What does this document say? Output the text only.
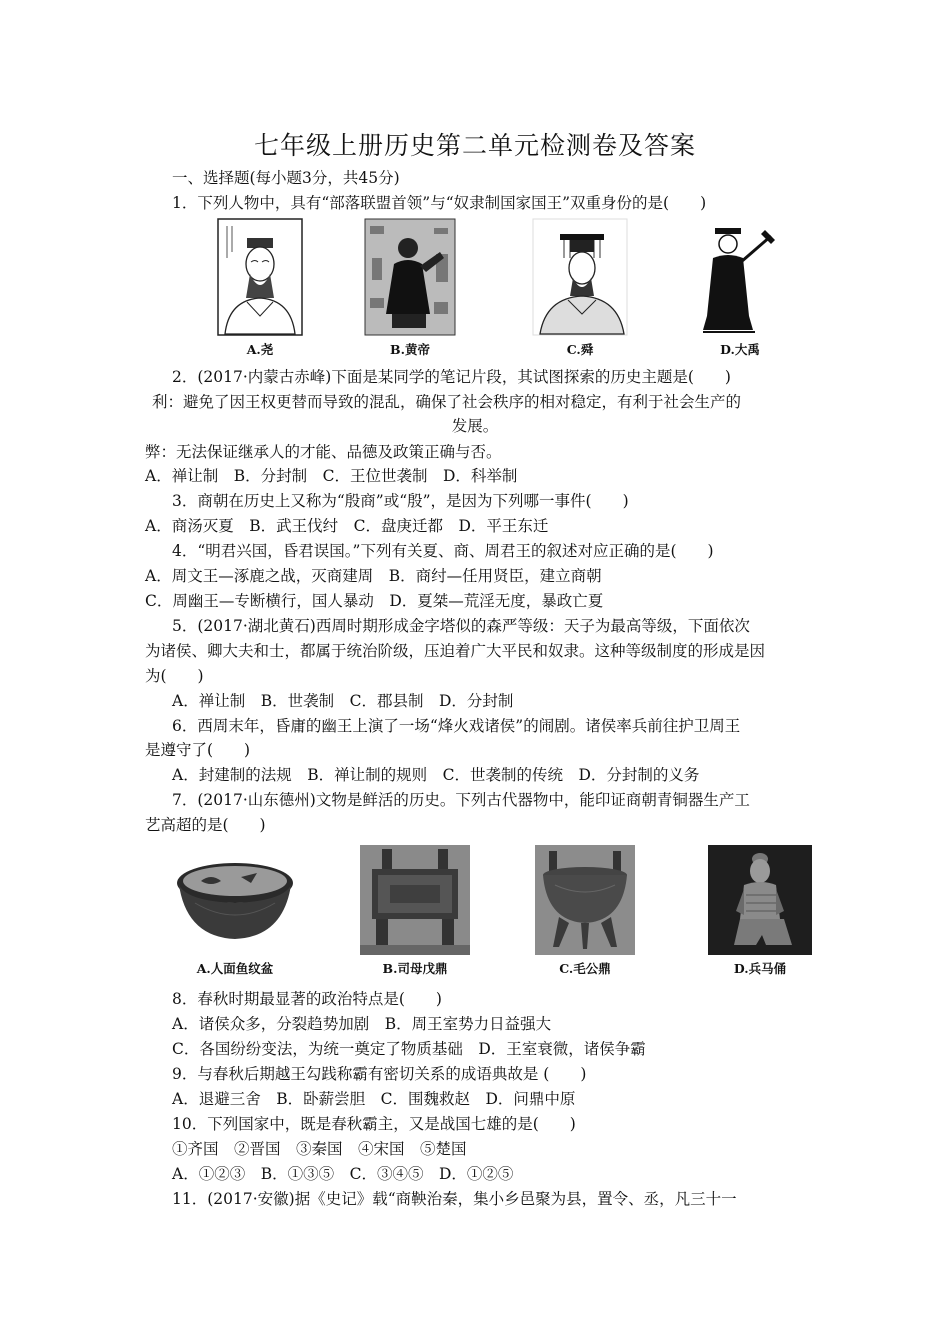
七年级上册历史第二单元检测卷及答案
一、选择题(每小题3分，共45分)
1．下列人物中，具有“部落联盟首领”与“奴隶制国家国王”双重身份的是(　　)
A.尧	B.黄帝	C.舜	D.大禹
2．(2017·内蒙古赤峰)下面是某同学的笔记片段，其试图探索的历史主题是(　　)
利：避免了因王权更替而导致的混乱，确保了社会秩序的相对稳定，有利于社会生产的
发展。
弊：无法保证继承人的才能、品德及政策正确与否。
A．禅让制　B．分封制　C．王位世袭制　D．科举制
3．商朝在历史上又称为“殷商”或“殷”，是因为下列哪一事件(　　)
A．商汤灭夏　B．武王伐纣　C．盘庚迁都　D．平王东迁
4．“明君兴国，昏君误国。”下列有关夏、商、周君王的叙述对应正确的是(　　)
A．周文王—涿鹿之战，灭商建周　B．商纣—任用贤臣，建立商朝
C．周幽王—专断横行，国人暴动　D．夏桀—荒淫无度，暴政亡夏
5．(2017·湖北黄石)西周时期形成金字塔似的森严等级：天子为最高等级，下面依次
为诸侯、卿大夫和士，都属于统治阶级，压迫着广大平民和奴隶。这种等级制度的形成是因
为(　　)
A．禅让制　B．世袭制　C．郡县制　D．分封制
6．西周末年，昏庸的幽王上演了一场“烽火戏诸侯”的闹剧。诸侯率兵前往护卫周王
是遵守了(　　)
A．封建制的法规　B．禅让制的规则　C．世袭制的传统　D．分封制的义务
7．(2017·山东德州)文物是鲜活的历史。下列古代器物中，能印证商朝青铜器生产工
艺高超的是(　　)
A.人面鱼纹盆	B.司母戊鼎	C.毛公鼎	D.兵马俑
8．春秋时期最显著的政治特点是(　　)
A．诸侯众多，分裂趋势加剧　B．周王室势力日益强大
C．各国纷纷变法，为统一奠定了物质基础　D．王室衰微，诸侯争霸
9．与春秋后期越王勾践称霸有密切关系的成语典故是 (　　)
A．退避三舍　B．卧薪尝胆　C．围魏救赵　D．问鼎中原
10．下列国家中，既是春秋霸主，又是战国七雄的是(　　)
①齐国　②晋国　③秦国　④宋国　⑤楚国
A．①②③　B．①③⑤　C．③④⑤　D．①②⑤
11．(2017·安徽)据《史记》载“商鞅治秦，集小乡邑聚为县，置令、丞，凡三十一
